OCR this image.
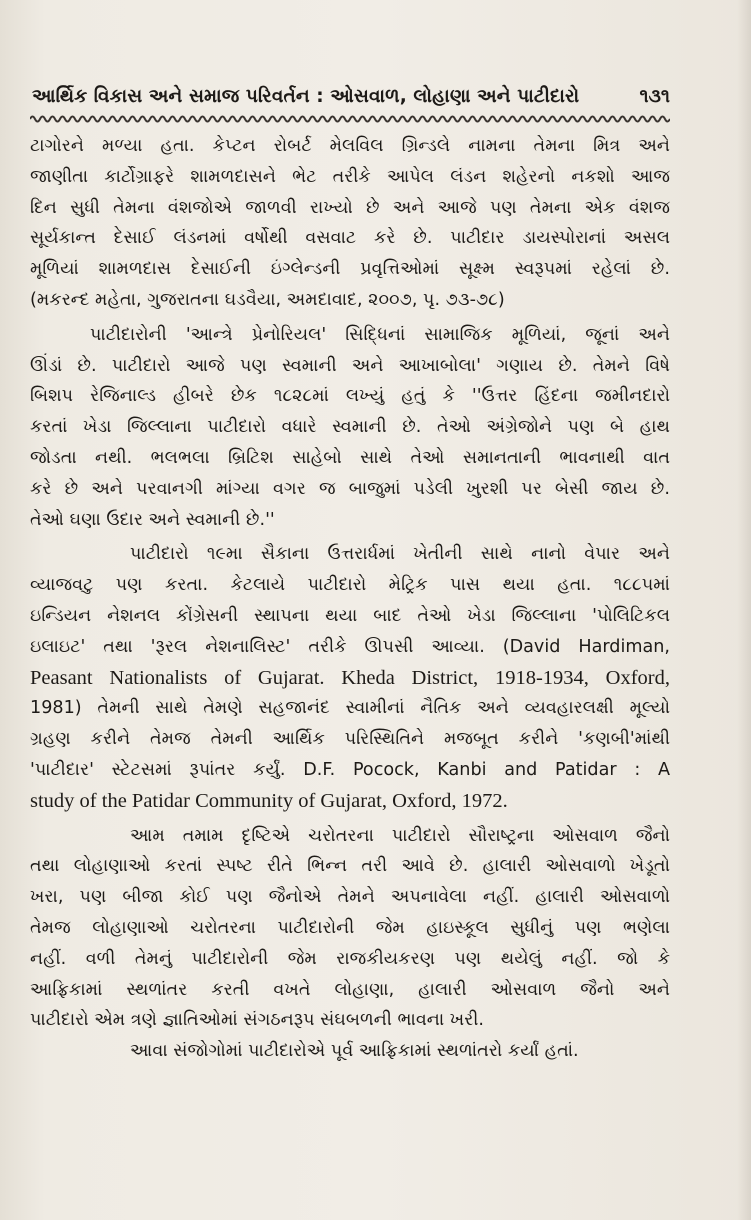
આર્થિક વિકાસ અને સમાજ પરિવર્તન : ઓસવાળ, લોહાણા અને પાટીદારો	૧૩૧
ટાગોરને મળ્યા હતા. કેપ્ટન રોબર્ટ મેલવિલ ગ્રિન્ડલે નામના તેમના મિત્ર અને
જાણીતા કાર્ટોગ્રાફરે શામળદાસને ભેટ તરીકે આપેલ લંડન શહેરનો નકશો આજ
દિન સુધી તેમના વંશજોએ જાળવી રાખ્યો છે અને આજે પણ તેમના એક વંશજ
સૂર્યકાન્ત દેસાઈ લંડનમાં વર્ષોથી વસવાટ કરે છે. પાટીદાર ડાયસ્પોરાનાં અસલ
મૂળિયાં શામળદાસ દેસાઈની ઇંગ્લેન્ડની પ્રવૃત્તિઓમાં સૂક્ષ્મ સ્વરૂપમાં રહેલાં છે.
(મકરન્દ મહેતા, ગુજરાતના ઘડવૈયા, અમદાવાદ, ૨૦૦૭, પૃ. ૭૩-૭૮)
પાટીદારોની 'આન્ત્રે પ્રેનોરિયલ' સિદ્ધિનાં સામાજિક મૂળિયાં, જૂનાં અને
ઊંડાં છે. પાટીદારો આજે પણ સ્વમાની અને આખાબોલા' ગણાય છે. તેમને વિષે
બિશપ રેજિનાલ્ડ હીબરે છેક ૧૮૨૮માં લખ્યું હતું કે ''ઉત્તર હિંદના જમીનદારો
કરતાં ખેડા જિલ્લાના પાટીદારો વધારે સ્વમાની છે. તેઓ અંગ્રેજોને પણ બે હાથ
જોડતા નથી. ભલભલા બ્રિટિશ સાહેબો સાથે તેઓ સમાનતાની ભાવનાથી વાત
કરે છે અને પરવાનગી માંગ્યા વગર જ બાજુમાં પડેલી ખુરશી પર બેસી જાય છે.
તેઓ ઘણા ઉદાર અને સ્વમાની છે.''
પાટીદારો ૧૯મા સૈકાના ઉત્તરાર્ધમાં ખેતીની સાથે નાનો વેપાર અને
વ્યાજવટુ પણ કરતા. કેટલાયે પાટીદારો મેટ્રિક પાસ થયા હતા. ૧૮૮૫માં
ઇન્ડિયન નેશનલ કોંગ્રેસની સ્થાપના થયા બાદ તેઓ ખેડા જિલ્લાના 'પોલિટિકલ
ઇલાઇટ' તથા 'રૂરલ નેશનાલિસ્ટ' તરીકે ઊપસી આવ્યા. (David Hardiman,
Peasant Nationalists of Gujarat. Kheda District, 1918-1934, Oxford,
1981) તેમની સાથે તેમણે સહજાનંદ સ્વામીનાં નૈતિક અને વ્યવહારલક્ષી મૂલ્યો
ગ્રહણ કરીને તેમજ તેમની આર્થિક પરિસ્થિતિને મજબૂત કરીને 'કણબી'માંથી
'પાટીદાર' સ્ટેટસમાં રૂપાંતર કર્યું. D.F. Pocock, Kanbi and Patidar : A
study of the Patidar Community of Gujarat, Oxford, 1972.
આમ તમામ દૃષ્ટિએ ચરોતરના પાટીદારો સૌરાષ્ટ્રના ઓસવાળ જૈનો
તથા લોહાણાઓ કરતાં સ્પષ્ટ રીતે ભિન્ન તરી આવે છે. હાલારી ઓસવાળો ખેડૂતો
ખરા, પણ બીજા કોઈ પણ જૈનોએ તેમને અપનાવેલા નહીં. હાલારી ઓસવાળો
તેમજ લોહાણાઓ ચરોતરના પાટીદારોની જેમ હાઇસ્કૂલ સુધીનું પણ ભણેલા
નહીં. વળી તેમનું પાટીદારોની જેમ રાજકીયકરણ પણ થયેલું નહીં. જો કે
આફ્રિકામાં સ્થળાંતર કરતી વખતે લોહાણા, હાલારી ઓસવાળ જૈનો અને
પાટીદારો એમ ત્રણે જ્ઞાતિઓમાં સંગઠનરૂપ સંઘબળની ભાવના ખરી.
આવા સંજોગોમાં પાટીદારોએ પૂર્વ આફ્રિકામાં સ્થળાંતરો કર્યાં હતાં.
